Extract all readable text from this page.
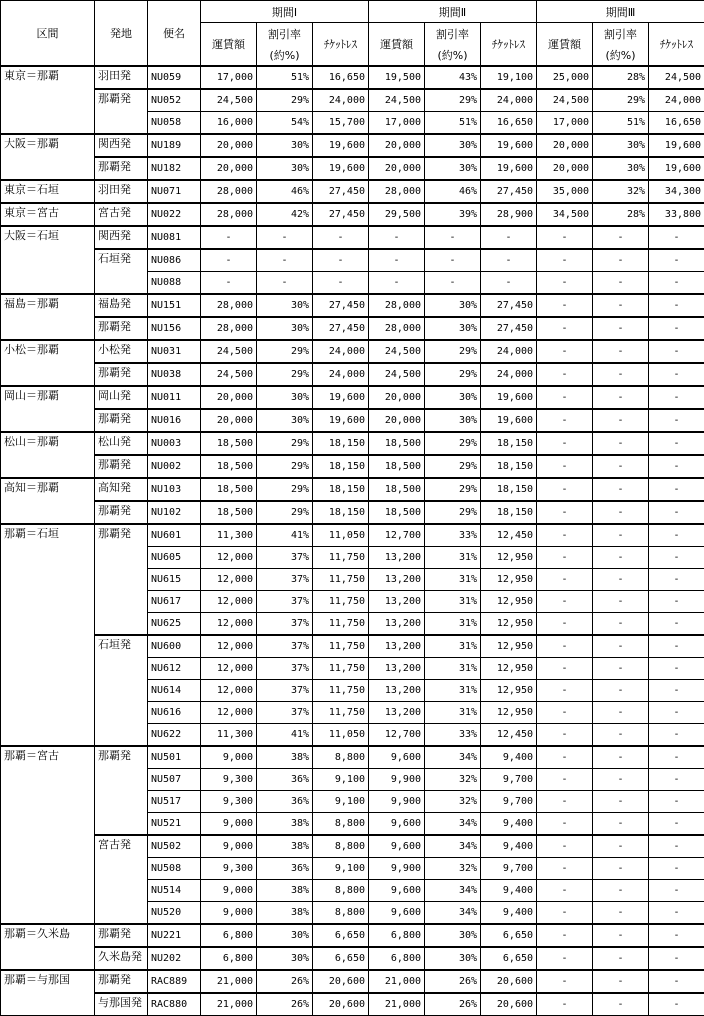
区間	発地	便名	期間Ⅰ			期間Ⅱ			期間Ⅲ		
			運賃額	割引率	ﾁｹｯﾄﾚｽ	運賃額	割引率	ﾁｹｯﾄﾚｽ	運賃額	割引率	ﾁｹｯﾄﾚｽ
				(約%)			(約%)			(約%)	
東京＝那覇	羽田発	NU059	17,000	51%	16,650	19,500	43%	19,100	25,000	28%	24,500
	那覇発	NU052	24,500	29%	24,000	24,500	29%	24,000	24,500	29%	24,000
		NU058	16,000	54%	15,700	17,000	51%	16,650	17,000	51%	16,650
大阪＝那覇	関西発	NU189	20,000	30%	19,600	20,000	30%	19,600	20,000	30%	19,600
	那覇発	NU182	20,000	30%	19,600	20,000	30%	19,600	20,000	30%	19,600
東京＝石垣	羽田発	NU071	28,000	46%	27,450	28,000	46%	27,450	35,000	32%	34,300
東京＝宮古	宮古発	NU022	28,000	42%	27,450	29,500	39%	28,900	34,500	28%	33,800
大阪＝石垣	関西発	NU081	-	-	-	-	-	-	-	-	-
	石垣発	NU086	-	-	-	-	-	-	-	-	-
		NU088	-	-	-	-	-	-	-	-	-
福島＝那覇	福島発	NU151	28,000	30%	27,450	28,000	30%	27,450	-	-	-
	那覇発	NU156	28,000	30%	27,450	28,000	30%	27,450	-	-	-
小松＝那覇	小松発	NU031	24,500	29%	24,000	24,500	29%	24,000	-	-	-
	那覇発	NU038	24,500	29%	24,000	24,500	29%	24,000	-	-	-
岡山＝那覇	岡山発	NU011	20,000	30%	19,600	20,000	30%	19,600	-	-	-
	那覇発	NU016	20,000	30%	19,600	20,000	30%	19,600	-	-	-
松山＝那覇	松山発	NU003	18,500	29%	18,150	18,500	29%	18,150	-	-	-
	那覇発	NU002	18,500	29%	18,150	18,500	29%	18,150	-	-	-
高知＝那覇	高知発	NU103	18,500	29%	18,150	18,500	29%	18,150	-	-	-
	那覇発	NU102	18,500	29%	18,150	18,500	29%	18,150	-	-	-
那覇＝石垣	那覇発	NU601	11,300	41%	11,050	12,700	33%	12,450	-	-	-
		NU605	12,000	37%	11,750	13,200	31%	12,950	-	-	-
		NU615	12,000	37%	11,750	13,200	31%	12,950	-	-	-
		NU617	12,000	37%	11,750	13,200	31%	12,950	-	-	-
		NU625	12,000	37%	11,750	13,200	31%	12,950	-	-	-
	石垣発	NU600	12,000	37%	11,750	13,200	31%	12,950	-	-	-
		NU612	12,000	37%	11,750	13,200	31%	12,950	-	-	-
		NU614	12,000	37%	11,750	13,200	31%	12,950	-	-	-
		NU616	12,000	37%	11,750	13,200	31%	12,950	-	-	-
		NU622	11,300	41%	11,050	12,700	33%	12,450	-	-	-
那覇＝宮古	那覇発	NU501	9,000	38%	8,800	9,600	34%	9,400	-	-	-
		NU507	9,300	36%	9,100	9,900	32%	9,700	-	-	-
		NU517	9,300	36%	9,100	9,900	32%	9,700	-	-	-
		NU521	9,000	38%	8,800	9,600	34%	9,400	-	-	-
	宮古発	NU502	9,000	38%	8,800	9,600	34%	9,400	-	-	-
		NU508	9,300	36%	9,100	9,900	32%	9,700	-	-	-
		NU514	9,000	38%	8,800	9,600	34%	9,400	-	-	-
		NU520	9,000	38%	8,800	9,600	34%	9,400	-	-	-
那覇＝久米島	那覇発	NU221	6,800	30%	6,650	6,800	30%	6,650	-	-	-
	久米島発	NU202	6,800	30%	6,650	6,800	30%	6,650	-	-	-
那覇＝与那国	那覇発	RAC889	21,000	26%	20,600	21,000	26%	20,600	-	-	-
	与那国発	RAC880	21,000	26%	20,600	21,000	26%	20,600	-	-	-
